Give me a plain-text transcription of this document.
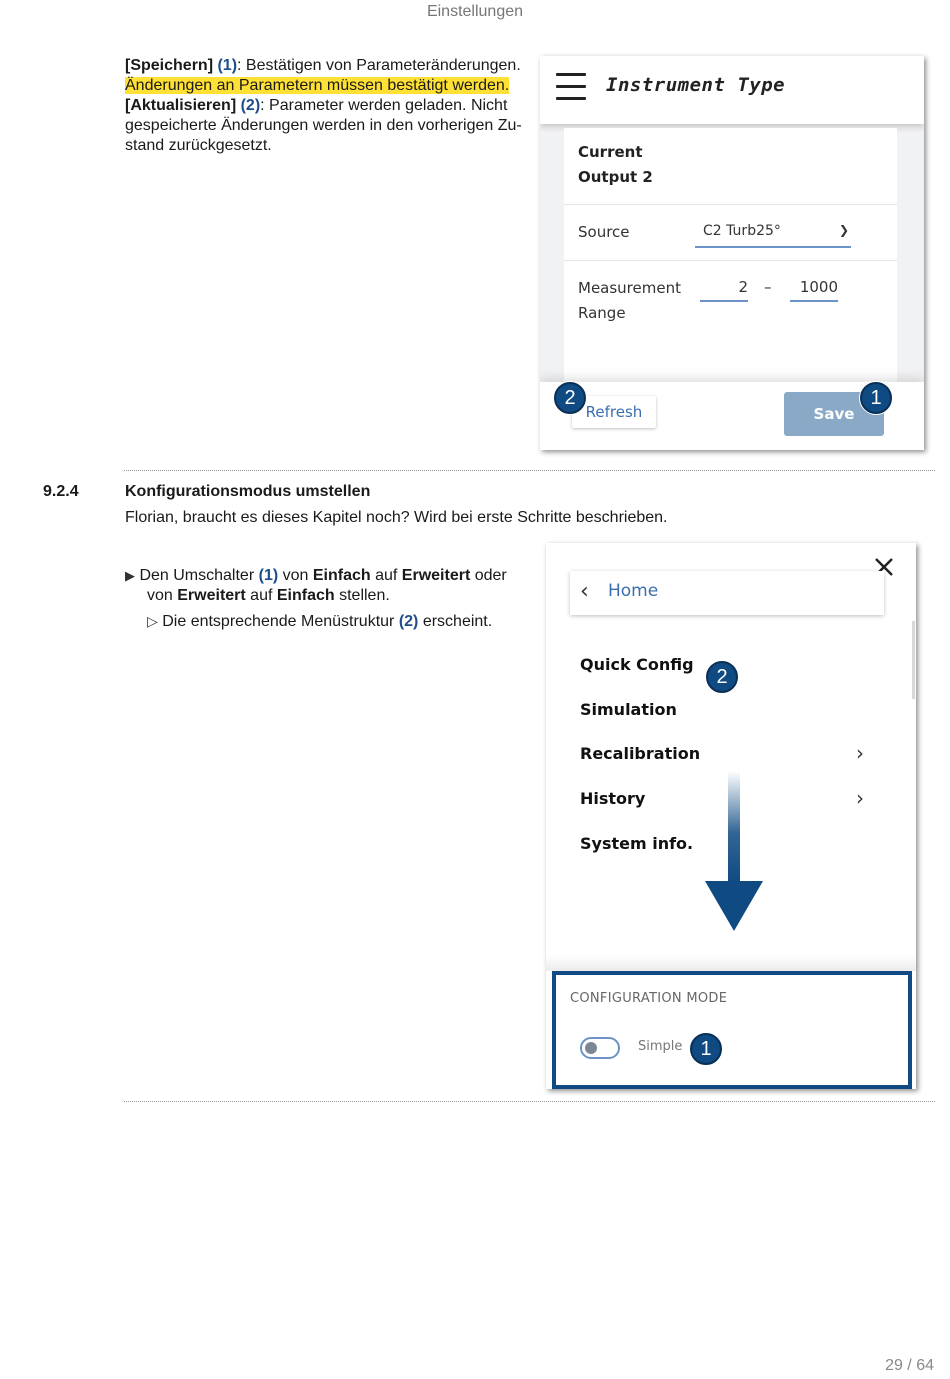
Einstellungen
[Speichern] (1): Bestätigen von Parameteränderungen.
Änderungen an Parametern müssen bestätigt werden.
[Aktualisieren] (2): Parameter werden geladen. Nicht
gespeicherte Änderungen werden in den vorherigen Zu-
stand zurückgesetzt.
Instrument Type
Current
Output 2
Source	C2 Turb25°	❯
Measurement
Range
2 –	1000
Refresh	Save
2	1
9.2.4	Konfigurationsmodus umstellen
Florian, braucht es dieses Kapitel noch? Wird bei erste Schritte beschrieben.
▶ Den Umschalter (1) von Einfach auf Erweitert oder
von Erweitert auf Einfach stellen.
▷ Die entsprechende Menüstruktur (2) erscheint.
‹ Home
Quick Config
Simulation
Recalibration	›
History	›
System info.
2
CONFIGURATION MODE
Simple 1
29 / 64
